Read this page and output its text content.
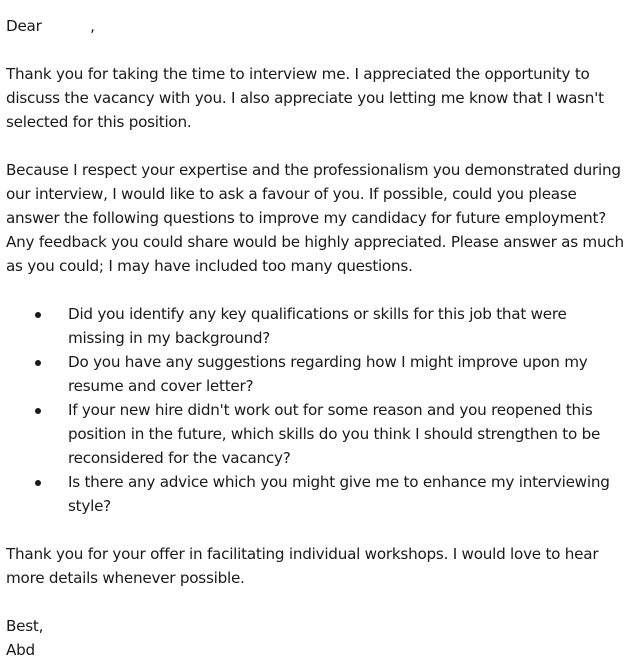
Dear	,

Thank you for taking the time to interview me. I appreciated the opportunity to discuss the vacancy with you. I also appreciate you letting me know that I wasn't selected for this position.

Because I respect your expertise and the professionalism you demonstrated during our interview, I would like to ask a favour of you. If possible, could you please answer the following questions to improve my candidacy for future employment? Any feedback you could share would be highly appreciated. Please answer as much as you could; I may have included too many questions.

Did you identify any key qualifications or skills for this job that were missing in my background?
Do you have any suggestions regarding how I might improve upon my resume and cover letter?
If your new hire didn't work out for some reason and you reopened this position in the future, which skills do you think I should strengthen to be reconsidered for the vacancy?
Is there any advice which you might give me to enhance my interviewing style?

Thank you for your offer in facilitating individual workshops. I would love to hear more details whenever possible.

Best,

Abd
